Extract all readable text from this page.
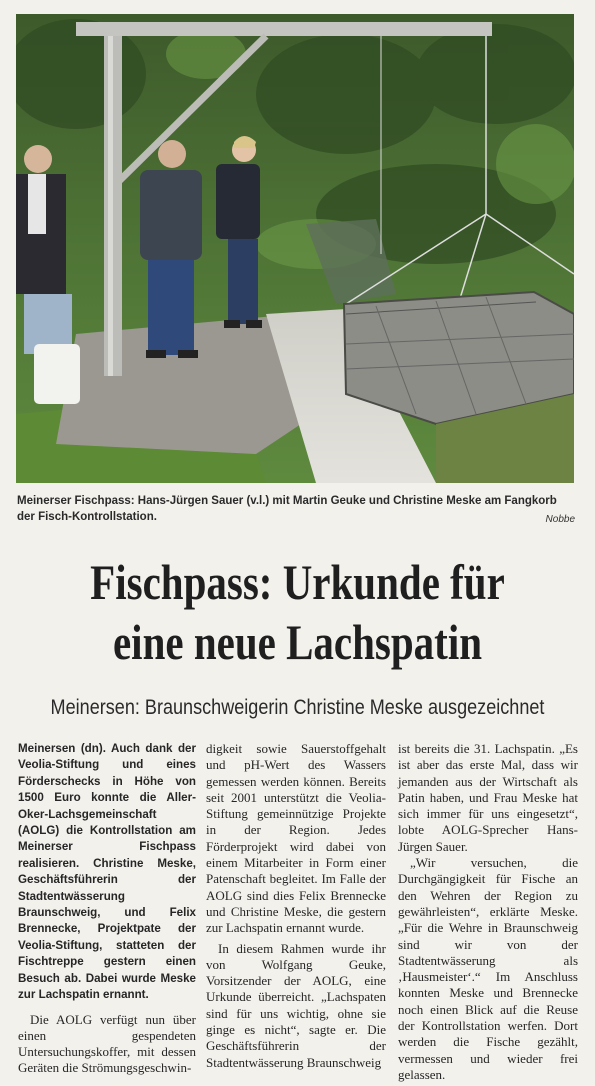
Meinerser Fischpass: Hans-Jürgen Sauer (v.l.) mit Martin Geuke und Christine Meske am Fangkorb der Fisch-Kontrollstation.	Nobbe
Fischpass: Urkunde für
eine neue Lachspatin

Meinersen: Braunschweigerin Christine Meske ausgezeichnet

Meinersen (dn). Auch dank der Veolia-Stiftung und eines Förderschecks in Höhe von 1500 Euro konnte die Aller-Oker-Lachsgemeinschaft (AOLG) die Kontrollstation am Meinerser Fischpass realisieren. Christine Meske, Geschäftsführerin der Stadtentwässerung Braunschweig, und Felix Brennecke, Projektpate der Veolia-Stiftung, statteten der Fischtreppe gestern einen Besuch ab. Dabei wurde Meske zur Lachspatin ernannt.

Die AOLG verfügt nun über einen gespendeten Untersuchungskoffer, mit dessen Geräten die Strömungsgeschwin-

digkeit sowie Sauerstoffgehalt und pH-Wert des Wassers gemessen werden können. Bereits seit 2001 unterstützt die Veolia-Stiftung gemeinnützige Projekte in der Region. Jedes Förderprojekt wird dabei von einem Mitarbeiter in Form einer Patenschaft begleitet. Im Falle der AOLG sind dies Felix Brennecke und Christine Meske, die gestern zur Lachspatin ernannt wurde.

In diesem Rahmen wurde ihr von Wolfgang Geuke, Vorsitzender der AOLG, eine Urkunde überreicht. „Lachspaten sind für uns wichtig, ohne sie ginge es nicht“, sagte er. Die Geschäftsführerin der Stadtentwässerung Braunschweig

ist bereits die 31. Lachspatin. „Es ist aber das erste Mal, dass wir jemanden aus der Wirtschaft als Patin haben, und Frau Meske hat sich immer für uns eingesetzt“, lobte AOLG-Sprecher Hans-Jürgen Sauer.

„Wir versuchen, die Durchgängigkeit für Fische an den Wehren der Region zu gewährleisten“, erklärte Meske. „Für die Wehre in Braunschweig sind wir von der Stadtentwässerung als ‚Hausmeister‘.“ Im Anschluss konnten Meske und Brennecke noch einen Blick auf die Reuse der Kontrollstation werfen. Dort werden die Fische gezählt, vermessen und wieder frei gelassen.
